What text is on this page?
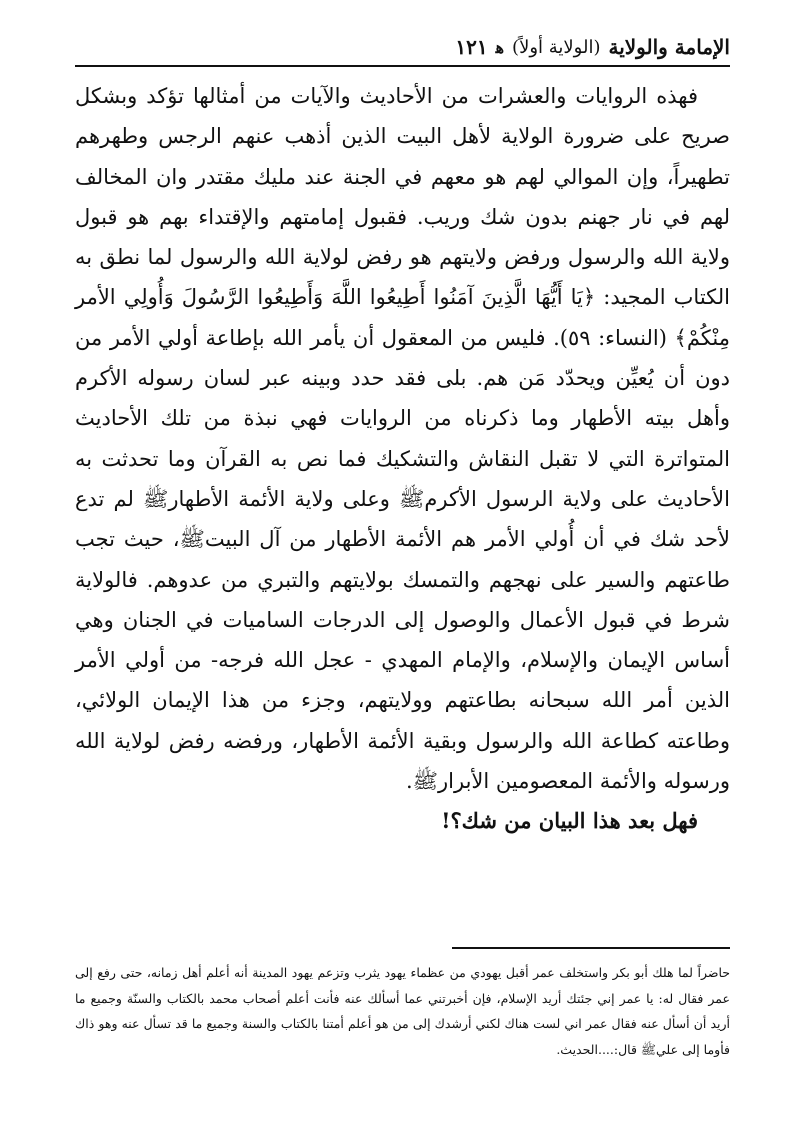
الإمامة والولاية
(الولاية أولاً)
ﻫ
١٢١

فهذه الروايات والعشرات من الأحاديث والآيات من أمثالها تؤكد وبشكل صريح على ضرورة الولاية لأهل البيت الذين أذهب عنهم الرجس وطهرهم تطهيراً، وإن الموالي لهم هو معهم في الجنة عند مليك مقتدر وان المخالف لهم في نار جهنم بدون شك وريب. فقبول إمامتهم والإقتداء بهم هو قبول ولاية الله والرسول ورفض ولايتهم هو رفض لولاية الله والرسول لما نطق به الكتاب المجيد: ﴿يَا أَيُّهَا الَّذِينَ آمَنُوا أَطِيعُوا اللَّهَ وَأَطِيعُوا الرَّسُولَ وَأُولِي الأمر مِنْكُمْ﴾ (النساء: ٥٩). فليس من المعقول أن يأمر الله بإطاعة أولي الأمر من دون أن يُعيِّن ويحدّد مَن هم. بلى فقد حدد وبينه عبر لسان رسوله الأكرم وأهل بيته الأطهار وما ذكرناه من الروايات فهي نبذة من تلك الأحاديث المتواترة التي لا تقبل النقاش والتشكيك فما نص به القرآن وما تحدثت به الأحاديث على ولاية الرسول الأكرمﷺ وعلى ولاية الأئمة الأطهارﷺ لم تدع لأحد شك في أن أُولي الأمر هم الأئمة الأطهار من آل البيتﷺ، حيث تجب طاعتهم والسير على نهجهم والتمسك بولايتهم والتبري من عدوهم. فالولاية شرط في قبول الأعمال والوصول إلى الدرجات الساميات في الجنان وهي أساس الإيمان والإسلام، والإمام المهدي - عجل الله فرجه- من أولي الأمر الذين أمر الله سبحانه بطاعتهم وولايتهم، وجزء من هذا الإيمان الولائي، وطاعته كطاعة الله والرسول وبقية الأئمة الأطهار، ورفضه رفض لولاية الله ورسوله والأئمة المعصومين الأبرارﷺ.

فهل بعد هذا البيان من شك؟!

حاضراً لما هلك أبو بكر واستخلف عمر أقبل يهودي من عظماء يهود يثرب وتزعم يهود المدينة أنه أعلم أهل زمانه، حتى رفع إلى عمر فقال له: يا عمر إني جئتك أريد الإسلام، فإن أخبرتني عما أسألك عنه فأنت أعلم أصحاب محمد بالكتاب والسنّة وجميع ما أريد أن أسأل عنه فقال عمر اني لست هناك لكني أرشدك إلى من هو أعلم أمتنا بالكتاب والسنة وجميع ما قد تسأل عنه وهو ذاك فأوما إلى عليﷺ قال:....الحديث.
